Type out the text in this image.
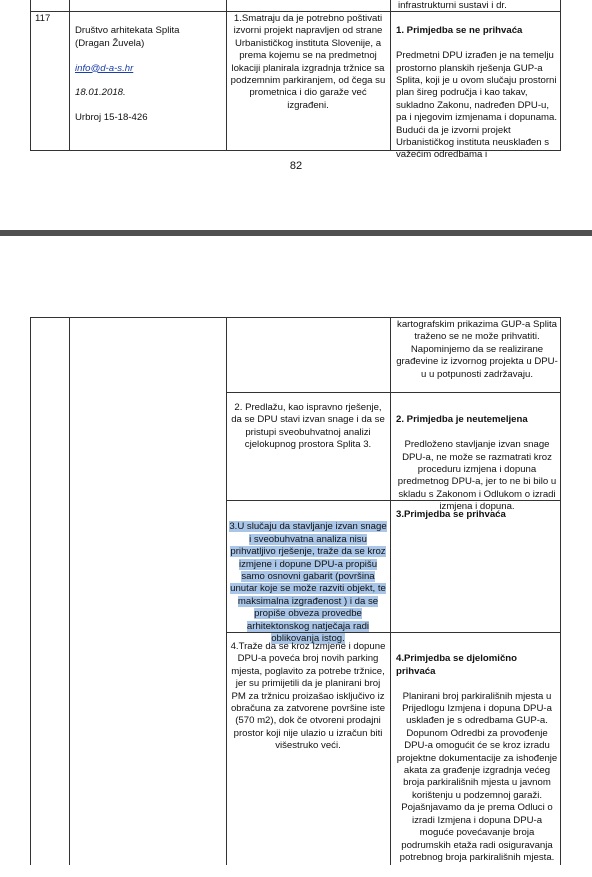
infrastrukturni sustavi i dr.
117

Društvo arhitekata Splita
(Dragan Žuvela)

info@d-a-s.hr

18.01.2018.

Urbroj 15-18-426

1.Smatraju da je potrebno poštivati izvorni projekt napravljen od strane Urbanističkog instituta Slovenije, a prema kojemu se na predmetnoj lokaciji planirala izgradnja tržnice sa podzemnim parkiranjem, od čega su prometnica i dio garaže već izgrađeni.

1. Primjedba se ne prihvaća

Predmetni DPU izrađen je na temelju prostorno planskih rješenja GUP-a Splita, koji je u ovom slučaju prostorni plan šireg područja i kao takav, sukladno Zakonu, nadređen DPU-u, pa i njegovim izmjenama i dopunama. Budući da je izvorni projekt Urbanističkog instituta neusklađen s važećim odredbama i

82
kartografskim prikazima GUP-a Splita traženo se ne može prihvatiti.
Napominjemo da se realizirane građevine iz izvornog projekta u DPU-u u potpunosti zadržavaju.
2. Predlažu, kao ispravno rješenje, da se DPU stavi izvan snage i da se pristupi sveobuhvatnoj analizi cjelokupnog prostora Splita 3.

2. Primjedba je neutemeljena

Predloženo stavljanje izvan snage DPU-a, ne može se razmatrati kroz proceduru izmjena i dopuna predmetnog DPU-a, jer to ne bi bilo u skladu s Zakonom i Odlukom o izradi izmjena i dopuna.

3.U slučaju da stavljanje izvan snage i sveobuhvatna analiza nisu prihvatljivo rješenje, traže da se kroz izmjene i dopune DPU-a propišu samo osnovni gabarit (površina unutar koje se može razviti objekt, te maksimalna izgrađenost ) i da se propiše obveza provedbe arhitektonskog natječaja radi oblikovanja istog.

3.Primjedba se prihvaća
4.Traže da se kroz Izmjene i dopune DPU-a poveća broj novih parking mjesta, poglavito za potrebe tržnice, jer su primijetili da je planirani broj PM za tržnicu proizašao isključivo iz obračuna za zatvorene površine iste (570 m2), dok če otvoreni prodajni prostor koji nije ulazio u izračun biti višestruko veći.

4.Primjedba se djelomično prihvaća

Planirani broj parkirališnih mjesta u Prijedlogu Izmjena i dopuna DPU-a usklađen je s odredbama GUP-a.
Dopunom Odredbi za provođenje DPU-a omogućit će se kroz izradu projektne dokumentacije za ishođenje akata za građenje izgradnja većeg broja parkirališnih mjesta u javnom korištenju u podzemnoj garaži.
Pojašnjavamo da je prema Odluci o izradi Izmjena i dopuna DPU-a moguće povećavanje broja podrumskih etaža radi osiguravanja potrebnog broja parkirališnih mjesta.
